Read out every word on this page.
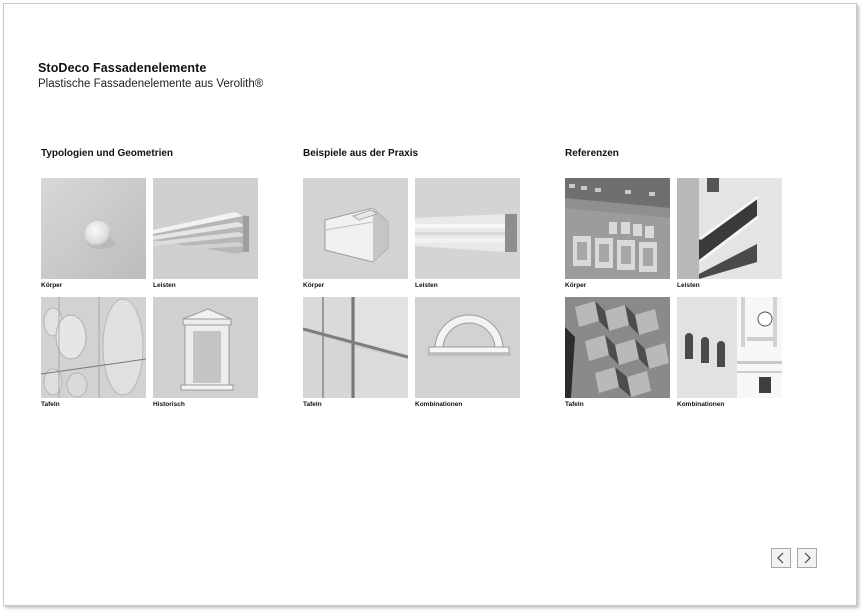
StoDeco Fassadenelemente
Plastische Fassadenelemente aus Verolith®
Typologien und Geometrien
Körper	Leisten
Tafeln	Historisch
Beispiele aus der Praxis
Körper	Leisten
Tafeln	Kombinationen
Referenzen
Körper	Leisten
Tafeln	Kombinationen
